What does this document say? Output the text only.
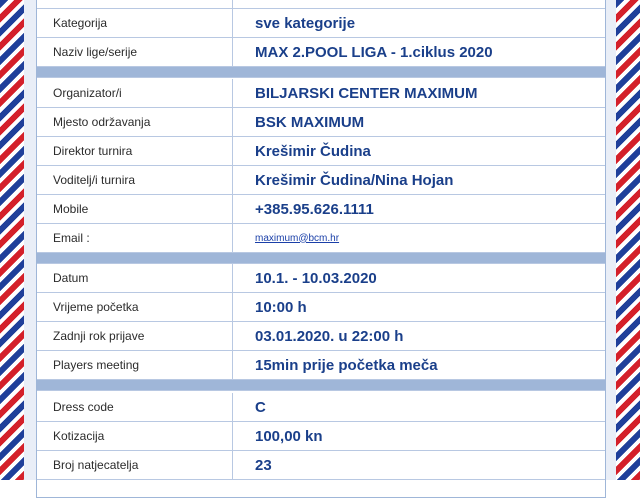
Kategorija	sve kategorije
Naziv lige/serije	MAX 2.POOL LIGA - 1.ciklus 2020
Organizator/i	BILJARSKI CENTER MAXIMUM
Mjesto održavanja	BSK MAXIMUM
Direktor turnira	Krešimir Čudina
Voditelj/i turnira	Krešimir Čudina/Nina Hojan
Mobile	+385.95.626.1111
Email :	maximum@bcm.hr
Datum	10.1. - 10.03.2020
Vrijeme početka	10:00 h
Zadnji rok prijave	03.01.2020. u 22:00 h
Players meeting	15min prije početka meča
Dress code	C
Kotizacija	100,00 kn
Broj natjecatelja	23
